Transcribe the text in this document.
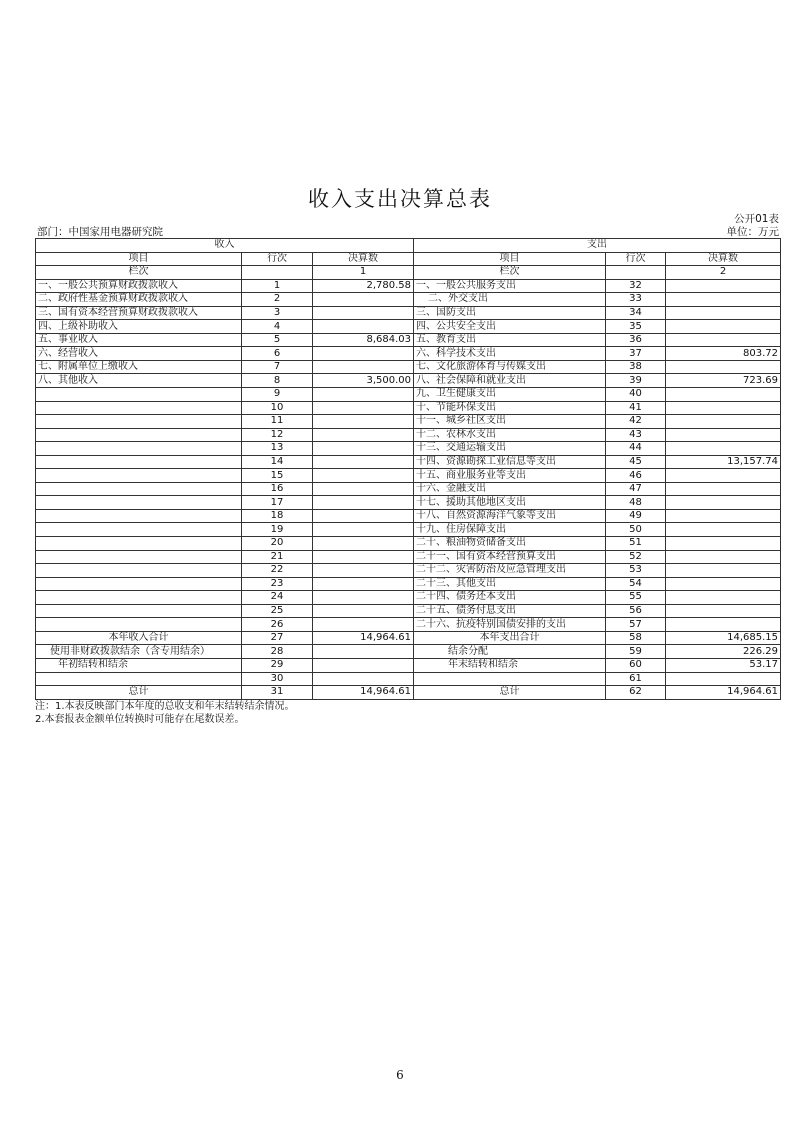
收入支出决算总表
公开01表
部门：中国家用电器研究院	单位：万元
收入			支出		
项目	行次	决算数	项目	行次	决算数
栏次		1	栏次		2
一、一般公共预算财政拨款收入	1	2,780.58	一、一般公共服务支出	32	
二、政府性基金预算财政拨款收入	2		二、外交支出	33	
三、国有资本经营预算财政拨款收入	3		三、国防支出	34	
四、上级补助收入	4		四、公共安全支出	35	
五、事业收入	5	8,684.03	五、教育支出	36	
六、经营收入	6		六、科学技术支出	37	803.72
七、附属单位上缴收入	7		七、文化旅游体育与传媒支出	38	
八、其他收入	8	3,500.00	八、社会保障和就业支出	39	723.69
	9		九、卫生健康支出	40	
	10		十、节能环保支出	41	
	11		十一、城乡社区支出	42	
	12		十二、农林水支出	43	
	13		十三、交通运输支出	44	
	14		十四、资源勘探工业信息等支出	45	13,157.74
	15		十五、商业服务业等支出	46	
	16		十六、金融支出	47	
	17		十七、援助其他地区支出	48	
	18		十八、自然资源海洋气象等支出	49	
	19		十九、住房保障支出	50	
	20		二十、粮油物资储备支出	51	
	21		二十一、国有资本经营预算支出	52	
	22		二十二、灾害防治及应急管理支出	53	
	23		二十三、其他支出	54	
	24		二十四、债务还本支出	55	
	25		二十五、债务付息支出	56	
	26		二十六、抗疫特别国债安排的支出	57	
本年收入合计	27	14,964.61	本年支出合计	58	14,685.15
使用非财政拨款结余（含专用结余）	28		结余分配	59	226.29
年初结转和结余	29		年末结转和结余	60	53.17
	30			61	
总计	31	14,964.61	总计	62	14,964.61
注：1.本表反映部门本年度的总收支和年末结转结余情况。
2.本套报表金额单位转换时可能存在尾数误差。
6
